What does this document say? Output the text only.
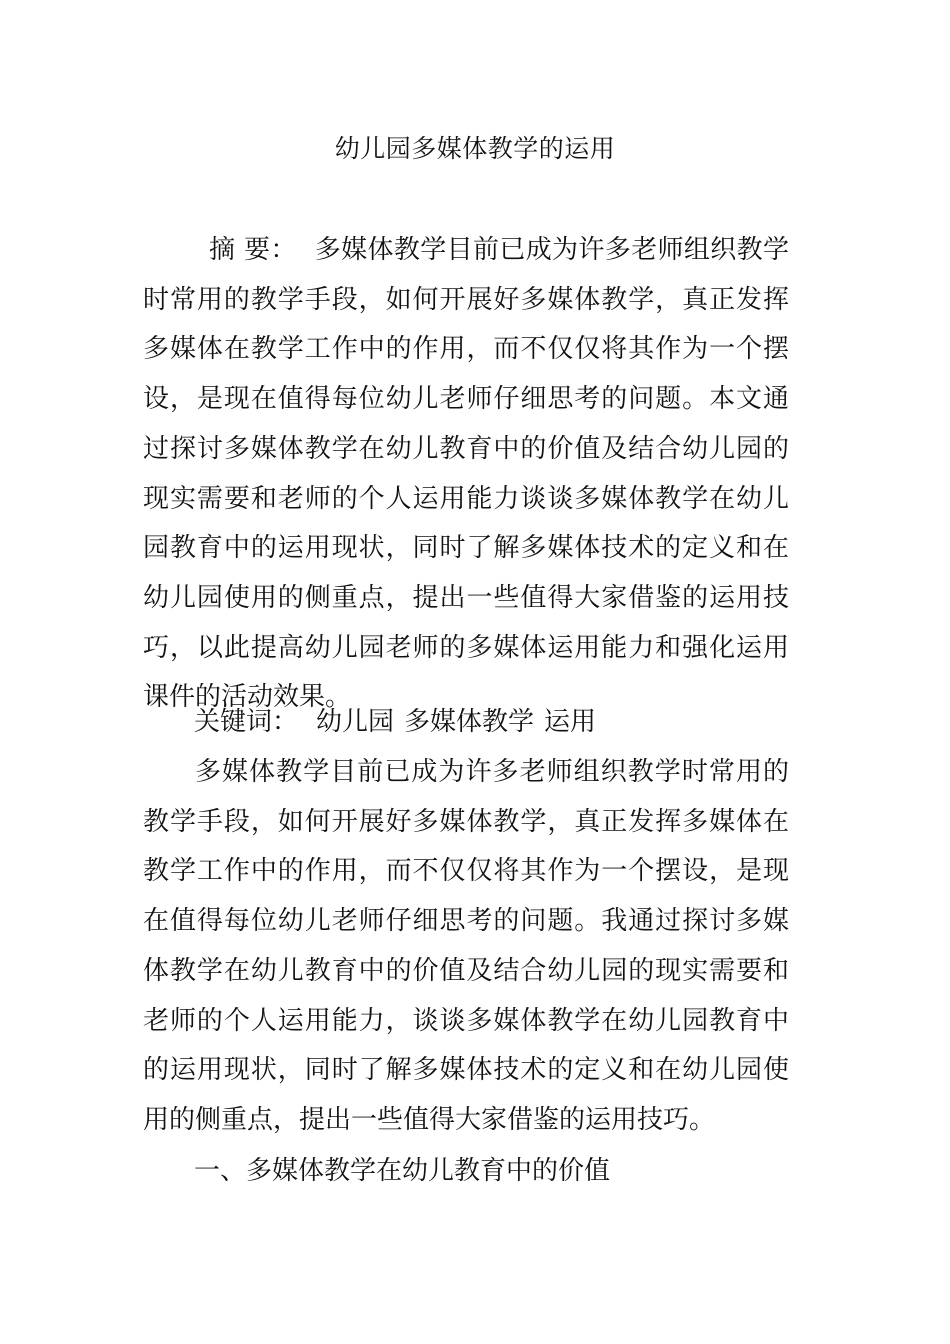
幼儿园多媒体教学的运用

摘 要： 多媒体教学目前已成为许多老师组织教学时常用的教学手段，如何开展好多媒体教学，真正发挥多媒体在教学工作中的作用，而不仅仅将其作为一个摆设，是现在值得每位幼儿老师仔细思考的问题。本文通过探讨多媒体教学在幼儿教育中的价值及结合幼儿园的现实需要和老师的个人运用能力谈谈多媒体教学在幼儿园教育中的运用现状，同时了解多媒体技术的定义和在幼儿园使用的侧重点，提出一些值得大家借鉴的运用技巧，以此提高幼儿园老师的多媒体运用能力和强化运用课件的活动效果。

关键词： 幼儿园 多媒体教学 运用

多媒体教学目前已成为许多老师组织教学时常用的教学手段，如何开展好多媒体教学，真正发挥多媒体在教学工作中的作用，而不仅仅将其作为一个摆设，是现在值得每位幼儿老师仔细思考的问题。我通过探讨多媒体教学在幼儿教育中的价值及结合幼儿园的现实需要和老师的个人运用能力，谈谈多媒体教学在幼儿园教育中的运用现状，同时了解多媒体技术的定义和在幼儿园使用的侧重点，提出一些值得大家借鉴的运用技巧。

一、多媒体教学在幼儿教育中的价值
